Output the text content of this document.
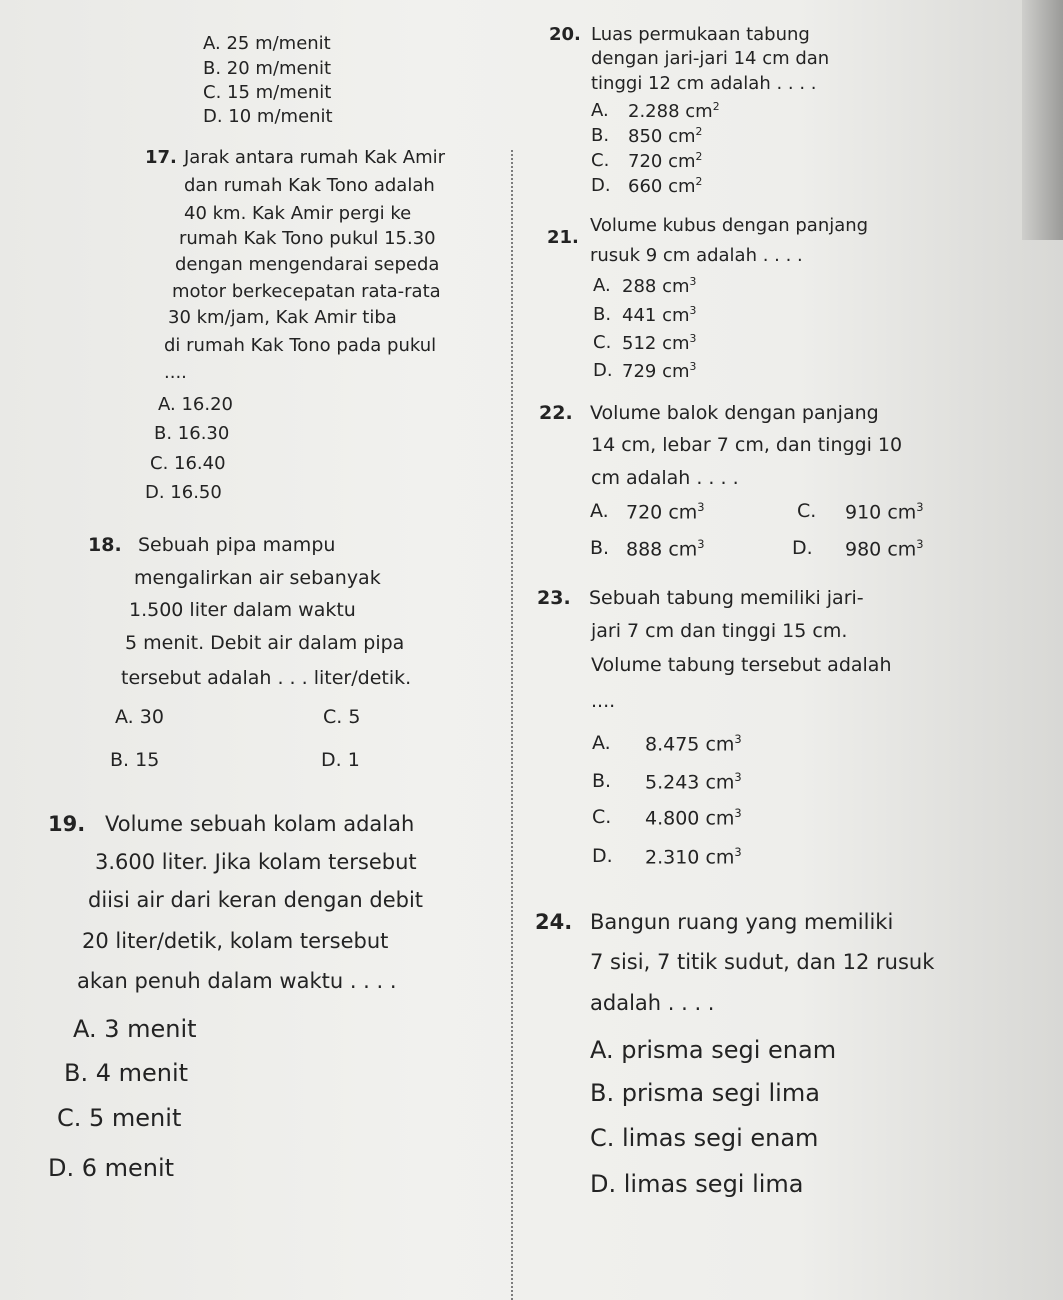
A. 25 m/menit
B. 20 m/menit
C. 15 m/menit
D. 10 m/menit
17. Jarak antara rumah Kak Amir
dan rumah Kak Tono adalah
40 km. Kak Amir pergi ke
rumah Kak Tono pukul 15.30
dengan mengendarai sepeda
motor berkecepatan rata-rata
30 km/jam, Kak Amir tiba
di rumah Kak Tono pada pukul
....
A. 16.20
B. 16.30
C. 16.40
D. 16.50
18. Sebuah pipa mampu
mengalirkan air sebanyak
1.500 liter dalam waktu
5 menit. Debit air dalam pipa
tersebut adalah . . . liter/detik.
A. 30	C. 5
B. 15	D. 1
19. Volume sebuah kolam adalah
3.600 liter. Jika kolam tersebut
diisi air dari keran dengan debit
20 liter/detik, kolam tersebut
akan penuh dalam waktu . . . .
A. 3 menit
B. 4 menit
C. 5 menit
D. 6 menit
20. Luas permukaan tabung
dengan jari-jari 14 cm dan
tinggi 12 cm adalah . . . .
A. 2.288 $cm^2$
B. 850 $cm^2$
C. 720 $cm^2$
D. 660 $cm^2$
21.
Volume kubus dengan panjang
rusuk 9 cm adalah . . . .
A. 288 $cm^3$
B. 441 $cm^3$
C. 512 $cm^3$
D. 729 $cm^3$
22. Volume balok dengan panjang
14 cm, lebar 7 cm, dan tinggi 10
cm adalah . . . .
A. 720 $cm^3$	C. 910 $cm^3$
B. 888 $cm^3$	D. 980 $cm^3$
23. Sebuah tabung memiliki jari-
jari 7 cm dan tinggi 15 cm.
Volume tabung tersebut adalah
....
A. 8.475 $cm^3$
B. 5.243 $cm^3$
C. 4.800 $cm^3$
D. 2.310 $cm^3$
24. Bangun ruang yang memiliki
7 sisi, 7 titik sudut, dan 12 rusuk
adalah . . . .
A. prisma segi enam
B. prisma segi lima
C. limas segi enam
D. limas segi lima
